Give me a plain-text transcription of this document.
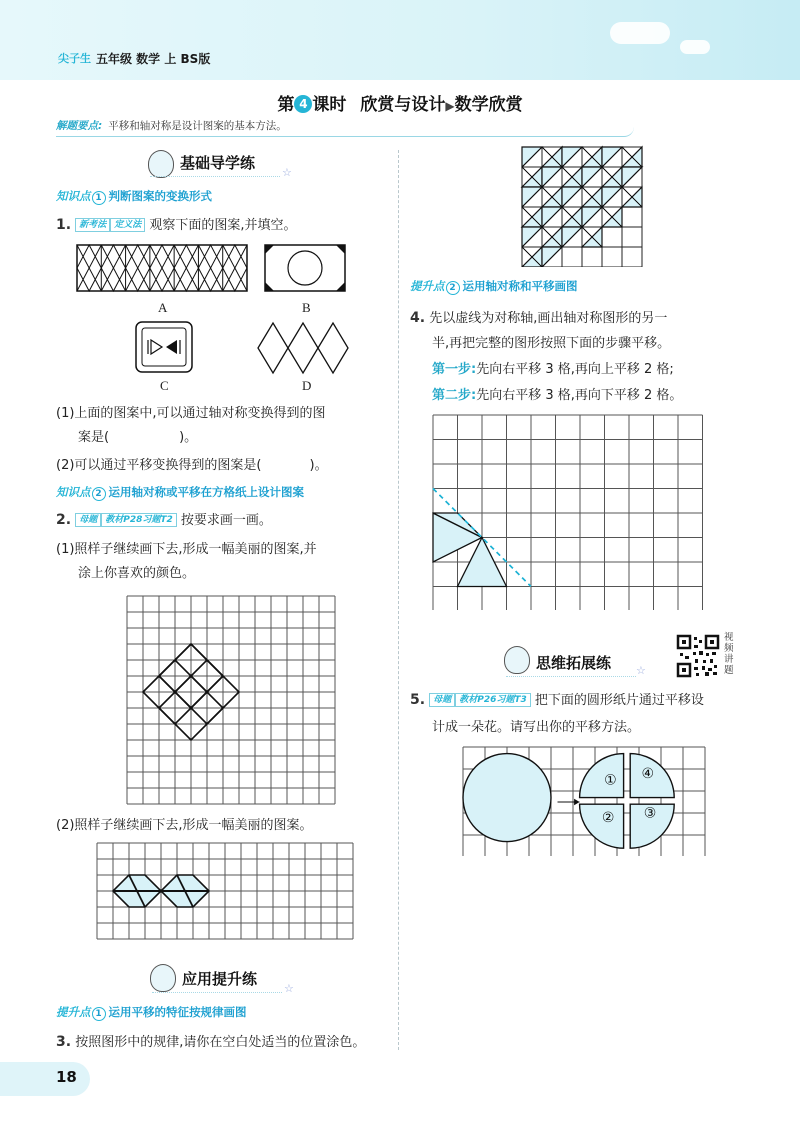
尖子生 五年级 数学 上 BS版
第 4 课时 欣赏与设计▶数学欣赏
解题要点: 平移和轴对称是设计图案的基本方法。
基础导学练
☆
知识点 1 判断图案的变换形式
1. 新考法 定义法 观察下面的图案,并填空。
A	B
C	D
(1)上面的图案中,可以通过轴对称变换得到的图
案是(	)。
(2)可以通过平移变换得到的图案是(	)。
知识点 2 运用轴对称或平移在方格纸上设计图案
2. 母题 教材P28习题T2 按要求画一画。
(1)照样子继续画下去,形成一幅美丽的图案,并
涂上你喜欢的颜色。
(2)照样子继续画下去,形成一幅美丽的图案。
应用提升练
☆
提升点 1 运用平移的特征按规律画图
3. 按照图形中的规律,请你在空白处适当的位置涂色。
提升点 2 运用轴对称和平移画图
4. 先以虚线为对称轴,画出轴对称图形的另一
半,再把完整的图形按照下面的步骤平移。
第一步:先向右平移 3 格,再向上平移 2 格;
第二步:先向右平移 3 格,再向下平移 2 格。
思维拓展练 ☆
视
频
讲
题
5. 母题 教材P26习题T3 把下面的圆形纸片通过平移设
计成一朵花。请写出你的平移方法。
①
② ③
④
18
